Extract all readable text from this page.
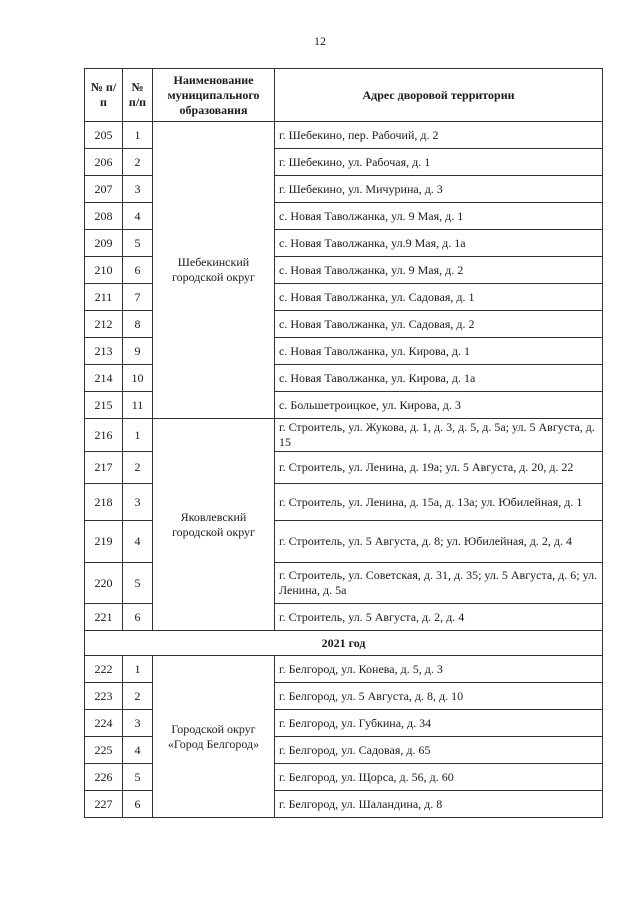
12
№ п/п	№ п/п	Наименование муниципального образования	Адрес дворовой территории
205	1	Шебекинский городской округ	г. Шебекино, пер. Рабочий, д. 2
206	2		г. Шебекино, ул. Рабочая, д. 1
207	3		г. Шебекино, ул. Мичурина, д. 3
208	4		с. Новая Таволжанка, ул. 9 Мая, д. 1
209	5		с. Новая Таволжанка, ул.9 Мая, д. 1а
210	6		с. Новая Таволжанка, ул. 9 Мая, д. 2
211	7		с. Новая Таволжанка, ул. Садовая, д. 1
212	8		с. Новая Таволжанка, ул. Садовая, д. 2
213	9		с. Новая Таволжанка, ул. Кирова, д. 1
214	10		с. Новая Таволжанка, ул. Кирова, д. 1а
215	11		с. Большетроицкое, ул. Кирова, д. 3
216	1	Яковлевский городской округ	г. Строитель, ул. Жукова, д. 1, д. 3, д. 5, д. 5а; ул. 5 Августа, д. 15
217	2		г. Строитель, ул. Ленина, д. 19а; ул. 5 Августа, д. 20, д. 22
218	3		г. Строитель, ул. Ленина, д. 15а, д. 13а; ул. Юбилейная, д. 1
219	4		г. Строитель, ул. 5 Августа, д. 8; ул. Юбилейная, д. 2, д. 4
220	5		г. Строитель, ул. Советская, д. 31, д. 35; ул. 5 Августа, д. 6; ул. Ленина, д. 5а
221	6		г. Строитель, ул. 5 Августа, д. 2, д. 4
2021 год			
222	1	Городской округ «Город Белгород»	г. Белгород, ул. Конева, д. 5, д. 3
223	2		г. Белгород, ул. 5 Августа, д. 8, д. 10
224	3		г. Белгород, ул. Губкина, д. 34
225	4		г. Белгород, ул. Садовая, д. 65
226	5		г. Белгород, ул. Щорса, д. 56, д. 60
227	6		г. Белгород, ул. Шаландина, д. 8
